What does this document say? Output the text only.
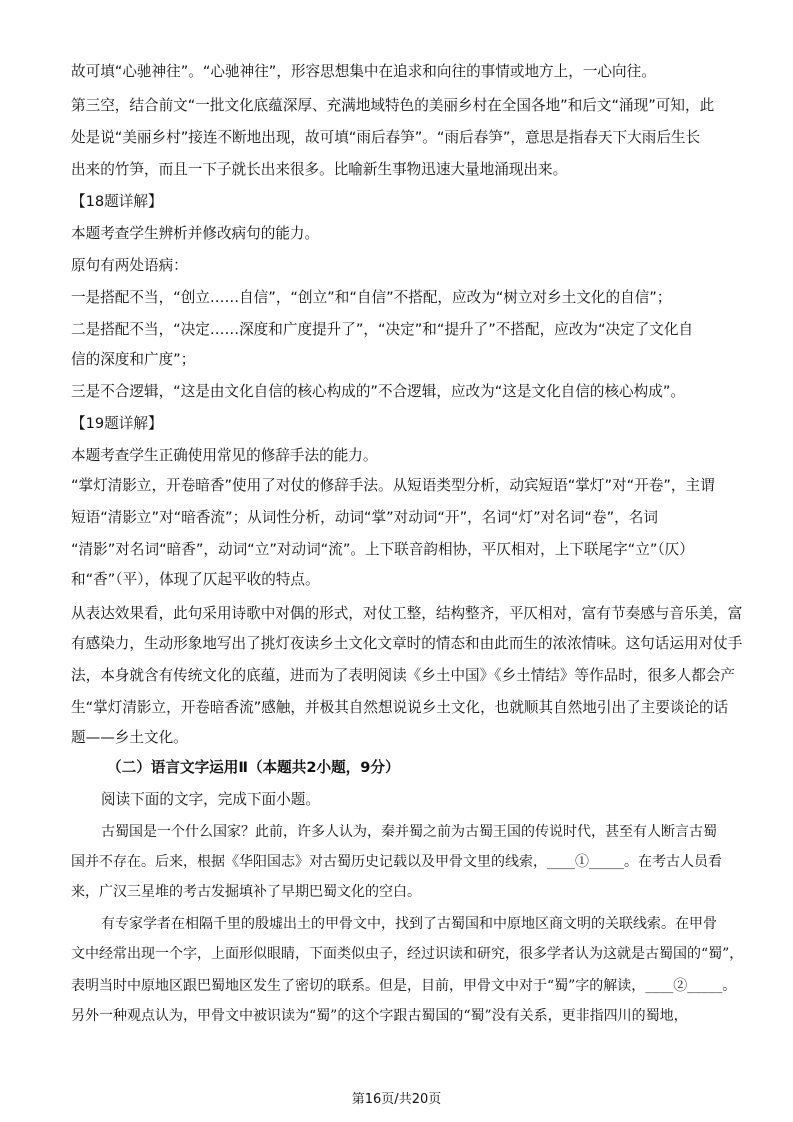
故可填“心驰神往”。“心驰神往”，形容思想集中在追求和向往的事情或地方上，一心向往。
第三空，结合前文“一批文化底蕴深厚、充满地域特色的美丽乡村在全国各地”和后文“涌现”可知，此
处是说“美丽乡村”接连不断地出现，故可填“雨后春笋”。“雨后春笋”，意思是指春天下大雨后生长
出来的竹笋，而且一下子就长出来很多。比喻新生事物迅速大量地涌现出来。
【18题详解】
本题考查学生辨析并修改病句的能力。
原句有两处语病：
一是搭配不当，“创立……自信”，“创立”和“自信”不搭配，应改为“树立对乡土文化的自信”；
二是搭配不当，“决定……深度和广度提升了”，“决定”和“提升了”不搭配，应改为“决定了文化自
信的深度和广度”；
三是不合逻辑，“这是由文化自信的核心构成的”不合逻辑，应改为“这是文化自信的核心构成”。
【19题详解】
本题考查学生正确使用常见的修辞手法的能力。
“掌灯清影立，开卷暗香”使用了对仗的修辞手法。从短语类型分析，动宾短语“掌灯”对“开卷”，主谓
短语“清影立”对“暗香流”；从词性分析，动词“掌”对动词“开”，名词“灯”对名词“卷”，名词
“清影”对名词“暗香”，动词“立”对动词“流”。上下联音韵相协，平仄相对，上下联尾字“立”（仄）
和“香”（平），体现了仄起平收的特点。
从表达效果看，此句采用诗歌中对偶的形式，对仗工整，结构整齐，平仄相对，富有节奏感与音乐美，富
有感染力，生动形象地写出了挑灯夜读乡土文化文章时的情态和由此而生的浓浓情味。这句话运用对仗手
法，本身就含有传统文化的底蕴，进而为了表明阅读《乡土中国》《乡土情结》等作品时，很多人都会产
生“掌灯清影立，开卷暗香流”感触，并极其自然想说说乡土文化，也就顺其自然地引出了主要谈论的话
题——乡土文化。
（二）语言文字运用Ⅱ（本题共2小题，9分）
阅读下面的文字，完成下面小题。
古蜀国是一个什么国家？此前，许多人认为，秦并蜀之前为古蜀王国的传说时代，甚至有人断言古蜀
国并不存在。后来，根据《华阳国志》对古蜀历史记载以及甲骨文里的线索，____①_____。在考古人员看
来，广汉三星堆的考古发掘填补了早期巴蜀文化的空白。
有专家学者在相隔千里的殷墟出土的甲骨文中，找到了古蜀国和中原地区商文明的关联线索。在甲骨
文中经常出现一个字，上面形似眼睛，下面类似虫子，经过识读和研究，很多学者认为这就是古蜀国的“蜀”，
表明当时中原地区跟巴蜀地区发生了密切的联系。但是，目前，甲骨文中对于“蜀”字的解读，____②_____。
另外一种观点认为，甲骨文中被识读为“蜀”的这个字跟古蜀国的“蜀”没有关系，更非指四川的蜀地，
第16页/共20页
